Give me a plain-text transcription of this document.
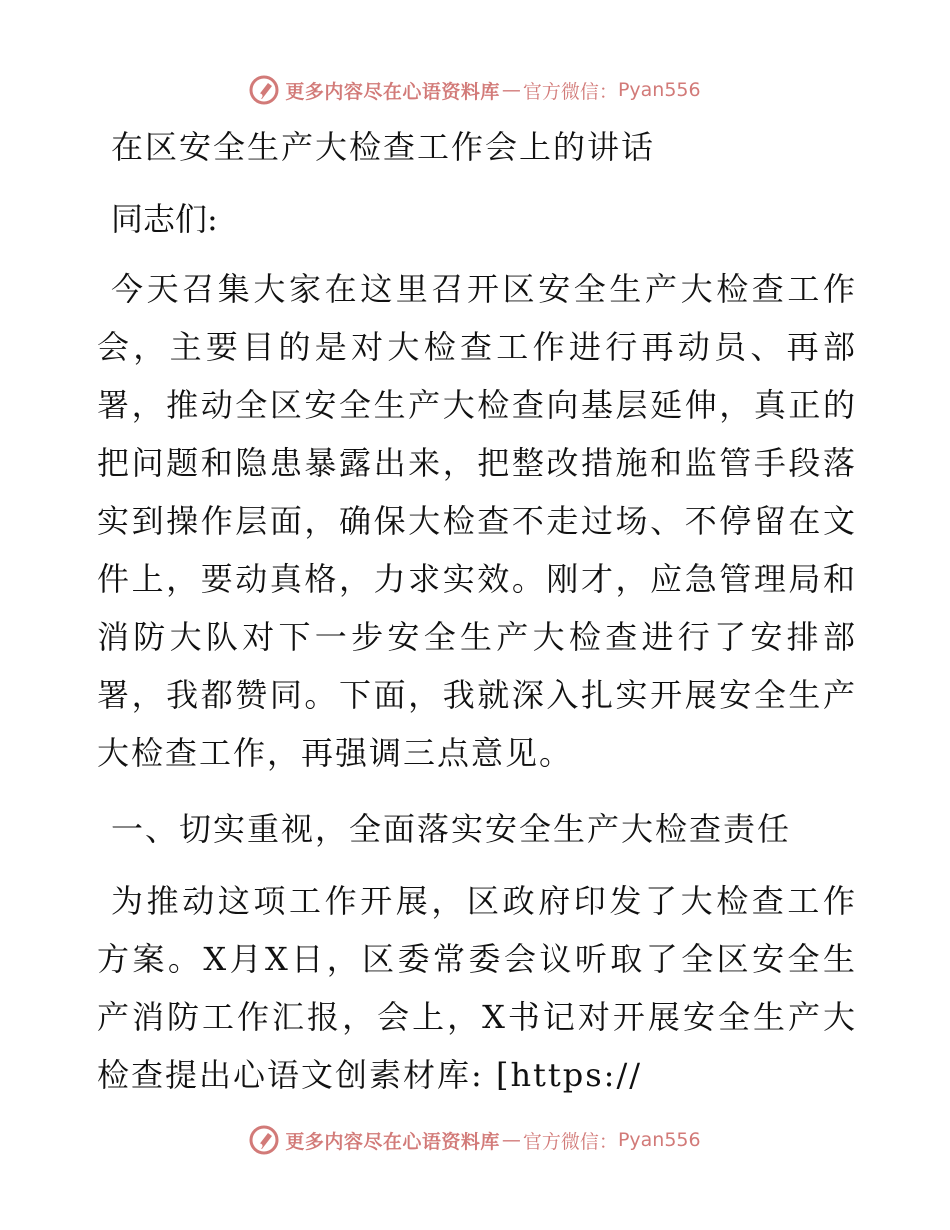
更多内容尽在心语资料库 — 官方微信： Pyan556

在区安全生产大检查工作会上的讲话

同志们:

今天召集大家在这里召开区安全生产大检查工作会，主要目的是对大检查工作进行再动员、再部署，推动全区安全生产大检查向基层延伸，真正的把问题和隐患暴露出来，把整改措施和监管手段落实到操作层面，确保大检查不走过场、不停留在文件上，要动真格，力求实效。刚才，应急管理局和消防大队对下一步安全生产大检查进行了安排部署，我都赞同。下面，我就深入扎实开展安全生产大检查工作，再强调三点意见。

一、切实重视，全面落实安全生产大检查责任

为推动这项工作开展，区政府印发了大检查工作方案。X月X日，区委常委会议听取了全区安全生产消防工作汇报，会上，X书记对开展安全生产大检查提出心语文创素材库: [https://

更多内容尽在心语资料库 — 官方微信： Pyan556
